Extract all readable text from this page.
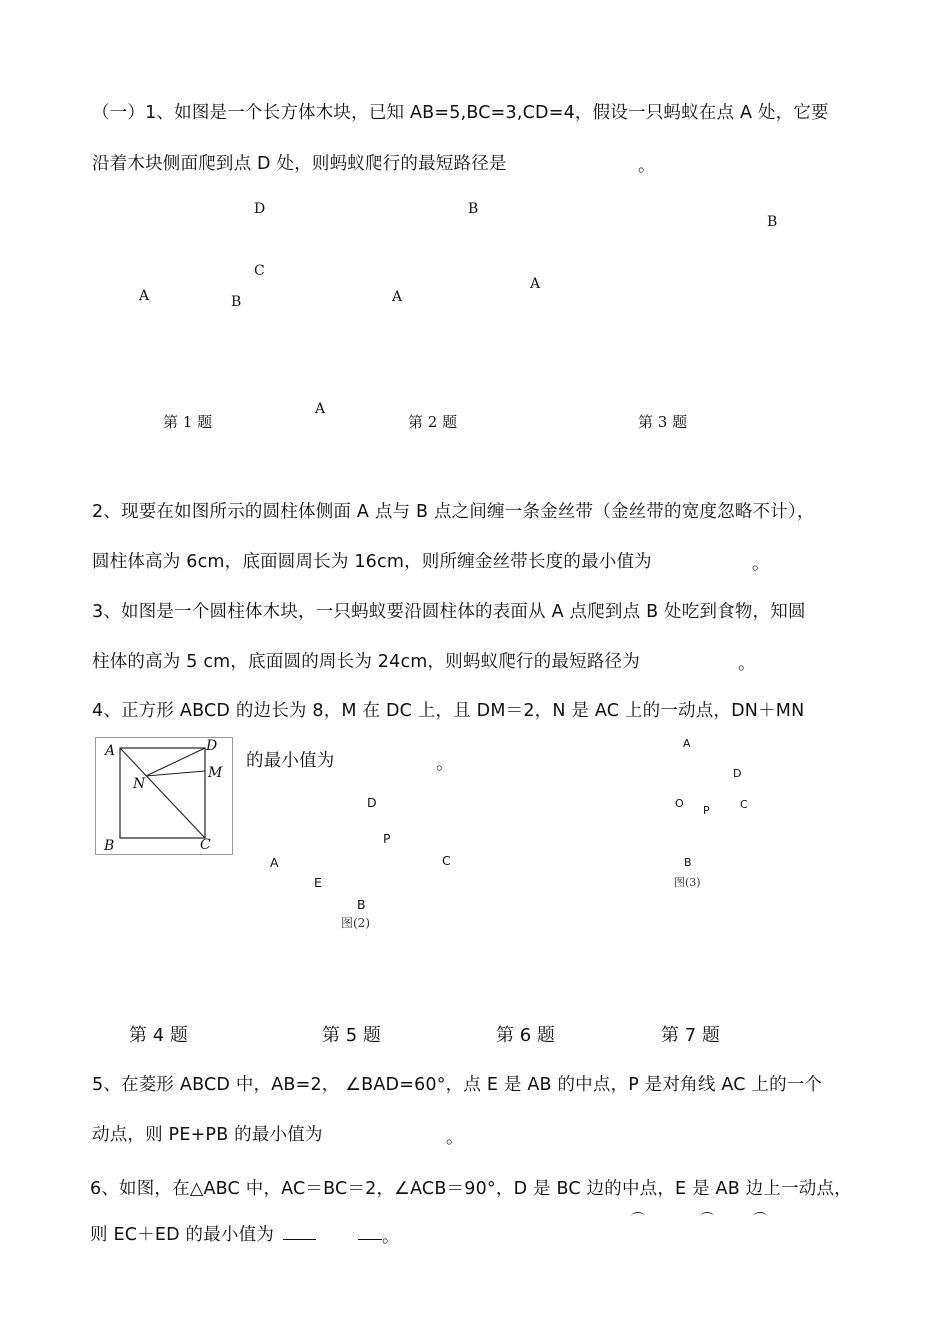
（一）1、如图是一个长方体木块，已知 AB=5,BC=3,CD=4，假设一只蚂蚁在点 A 处，它要
沿着木块侧面爬到点 D 处，则蚂蚁爬行的最短路径是	。
D
C
A	B
B
A
A
B
A
第 1 题	第 2 题	第 3 题
2、现要在如图所示的圆柱体侧面 A 点与 B 点之间缠一条金丝带（金丝带的宽度忽略不计），
圆柱体高为 6cm，底面圆周长为 16cm，则所缠金丝带长度的最小值为	。
3、如图是一个圆柱体木块，一只蚂蚁要沿圆柱体的表面从 A 点爬到点 B 处吃到食物，知圆
柱体的高为 5 cm，底面圆的周长为 24cm，则蚂蚁爬行的最短路径为	。
4、正方形 ABCD 的边长为 8，M 在 DC 上，且 DM＝2，N 是 AC 上的一动点，DN＋MN
的最小值为	。
A	D
M
N
B	C
D
P
A	C
E
B
图(2)
A
D
O
P	C
B
图(3)
第 4 题	第 5 题	第 6 题	第 7 题
5、在菱形 ABCD 中，AB=2， ∠BAD=60°，点 E 是 AB 的中点，P 是对角线 AC 上的一个
动点，则 PE+PB 的最小值为	。
6、如图，在△ABC 中，AC＝BC＝2，∠ACB＝90°，D 是 BC 边的中点，E 是 AB 边上一动点，
则 EC＋ED 的最小值为	。
